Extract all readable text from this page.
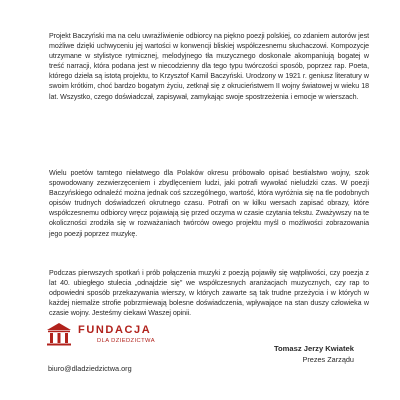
Projekt Baczyński ma na celu uwrażliwienie odbiorcy na piękno poezji polskiej, co zdaniem autorów jest możliwe dzięki uchwyceniu jej wartości w konwencji bliskiej współczesnemu słuchaczowi. Kompozycje utrzymane w stylistyce rytmicznej, melodyjnego tła muzycznego doskonale akompaniują bogatej w treść narracji, która podana jest w niecodzienny dla tego typu twórczości sposób, poprzez rap. Poeta, którego dzieła są istotą projektu, to Krzysztof Kamil Baczyński. Urodzony w 1921 r. geniusz literatury w swoim krótkim, choć bardzo bogatym życiu, zetknął się z okrucieństwem II wojny światowej w wieku 18 lat. Wszystko, czego doświadczał, zapisywał, zamykając swoje spostrzeżenia i emocje w wierszach.

Wielu poetów tamtego niełatwego dla Polaków okresu próbowało opisać bestialstwo wojny, szok spowodowany zezwierzęceniem i zbydlęceniem ludzi, jaki potrafi wywołać nieludzki czas. W poezji Baczyńskiego odnaleźć można jednak coś szczególnego, wartość, która wyróżnia się na tle podobnych opisów trudnych doświadczeń okrutnego czasu. Potrafi on w kilku wersach zapisać obrazy, które współczesnemu odbiorcy wręcz pojawiają się przed oczyma w czasie czytania tekstu. Zważywszy na te okoliczności zrodziła się w rozważaniach twórców owego projektu myśl o możliwości zobrazowania jego poezji poprzez muzykę.

Podczas pierwszych spotkań i prób połączenia muzyki z poezją pojawiły się wątpliwości, czy poezja z lat 40. ubiegłego stulecia „odnajdzie się" we współczesnych aranżacjach muzycznych, czy rap to odpowiedni sposób przekazywania wierszy, w których zawarte są tak trudne przeżycia i w których w każdej niemalże strofie pobrzmiewają bolesne doświadczenia, wpływające na stan duszy człowieka w czasie wojny. Jesteśmy ciekawi Waszej opinii.

FUNDACJA
DLA DZIEDZICTWA
biuro@dladziedzictwa.org
Tomasz Jerzy Kwiatek
Prezes Zarządu
